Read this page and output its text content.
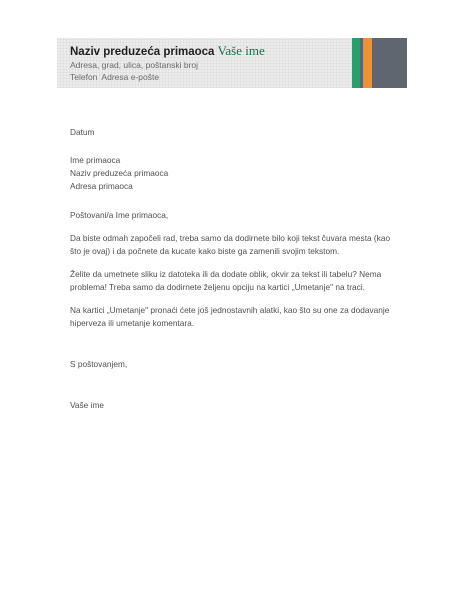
Naziv preduzeća primaoca Vaše ime
Adresa, grad, ulica, poštanski broj
Telefon Adresa e-pošte
Datum
Ime primaoca
Naziv preduzeća primaoca
Adresa primaoca
Poštovani/a Ime primaoca,
Da biste odmah započeli rad, treba samo da dodirnete bilo koji tekst čuvara mesta (kao
što je ovaj) i da počnete da kucate kako biste ga zamenili svojim tekstom.
Želite da umetnete sliku iz datoteka ili da dodate oblik, okvir za tekst ili tabelu? Nema
problema! Treba samo da dodirnete željenu opciju na kartici „Umetanje" na traci.
Na kartici „Umetanje" pronaći ćete još jednostavnih alatki, kao što su one za dodavanje
hiperveza ili umetanje komentara.
S poštovanjem,
Vaše ime
